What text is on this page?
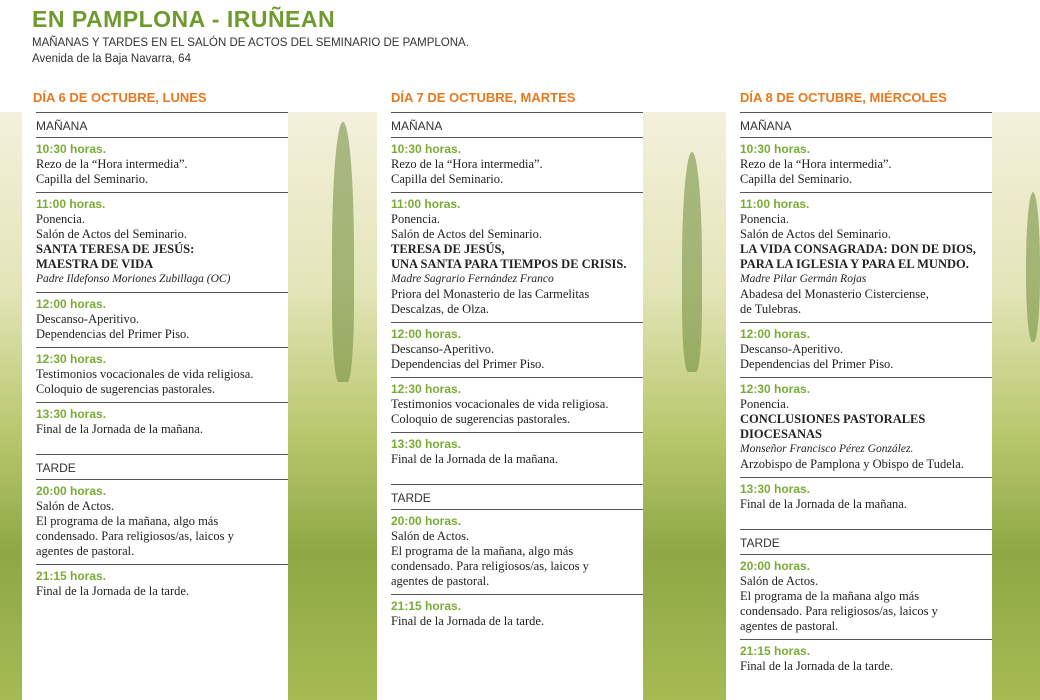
EN PAMPLONA - IRUÑEAN
MAÑANAS Y TARDES EN EL SALÓN DE ACTOS DEL SEMINARIO DE PAMPLONA.
Avenida de la Baja Navarra, 64
DÍA 6 DE OCTUBRE, LUNES	DÍA 7 DE OCTUBRE, MARTES	DÍA 8 DE OCTUBRE, MIÉRCOLES
MAÑANA
10:30 horas.
Rezo de la “Hora intermedia”.
Capilla del Seminario.
11:00 horas.
Ponencia.
Salón de Actos del Seminario.
SANTA TERESA DE JESÚS:
MAESTRA DE VIDA
Padre Ildefonso Moriones Zubillaga (OC)
12:00 horas.
Descanso-Aperitivo.
Dependencias del Primer Piso.
12:30 horas.
Testimonios vocacionales de vida religiosa.
Coloquio de sugerencias pastorales.
13:30 horas.
Final de la Jornada de la mañana.
TARDE
20:00 horas.
Salón de Actos.
El programa de la mañana, algo más
condensado. Para religiosos/as, laicos y
agentes de pastoral.
21:15 horas.
Final de la Jornada de la tarde.
MAÑANA
10:30 horas.
Rezo de la “Hora intermedia”.
Capilla del Seminario.
11:00 horas.
Ponencia.
Salón de Actos del Seminario.
TERESA DE JESÚS,
UNA SANTA PARA TIEMPOS DE CRISIS.
Madre Sagrario Fernández Franco
Priora del Monasterio de las Carmelitas
Descalzas, de Olza.
12:00 horas.
Descanso-Aperitivo.
Dependencias del Primer Piso.
12:30 horas.
Testimonios vocacionales de vida religiosa.
Coloquio de sugerencias pastorales.
13:30 horas.
Final de la Jornada de la mañana.
TARDE
20:00 horas.
Salón de Actos.
El programa de la mañana, algo más
condensado. Para religiosos/as, laicos y
agentes de pastoral.
21:15 horas.
Final de la Jornada de la tarde.
MAÑANA
10:30 horas.
Rezo de la “Hora intermedia”.
Capilla del Seminario.
11:00 horas.
Ponencia.
Salón de Actos del Seminario.
LA VIDA CONSAGRADA: DON DE DIOS,
PARA LA IGLESIA Y PARA EL MUNDO.
Madre Pilar Germán Rojas
Abadesa del Monasterio Cisterciense,
de Tulebras.
12:00 horas.
Descanso-Aperitivo.
Dependencias del Primer Piso.
12:30 horas.
Ponencia.
CONCLUSIONES PASTORALES DIOCESANAS
Monseñor Francisco Pérez González.
Arzobispo de Pamplona y Obispo de Tudela.
13:30 horas.
Final de la Jornada de la mañana.
TARDE
20:00 horas.
Salón de Actos.
El programa de la mañana algo más
condensado. Para religiosos/as, laicos y
agentes de pastoral.
21:15 horas.
Final de la Jornada de la tarde.
